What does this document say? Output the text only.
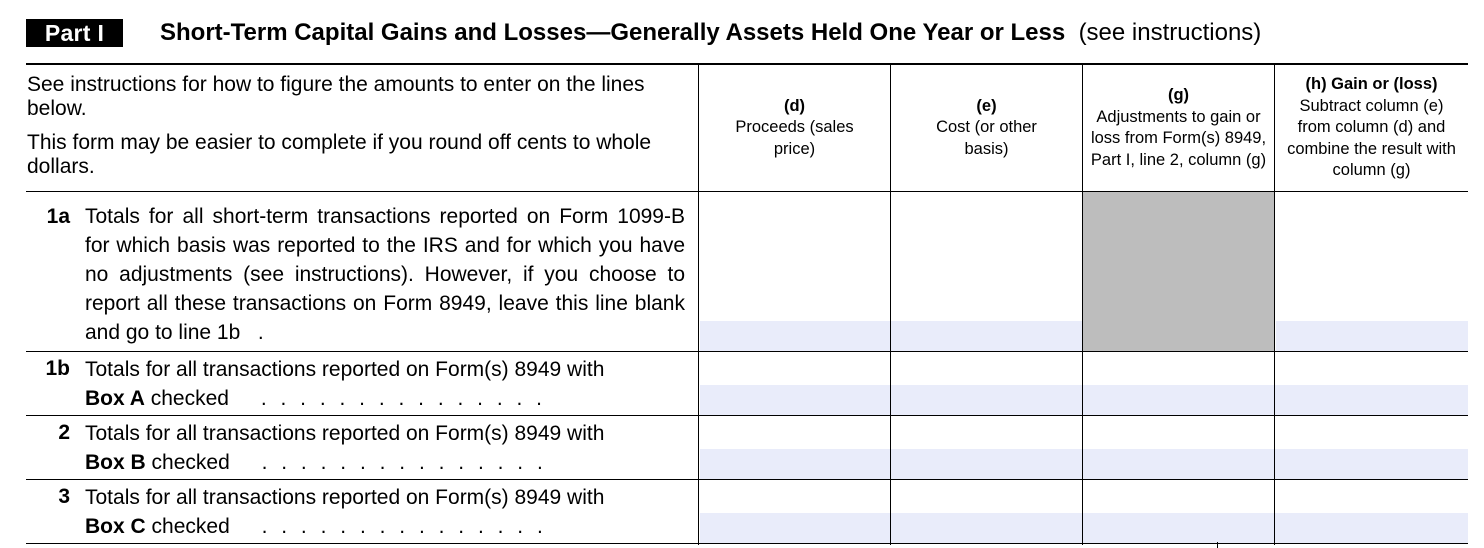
Part I	Short-Term Capital Gains and Losses—Generally Assets Held One Year or Less (see instructions)

See instructions for how to figure the amounts to enter on the lines below.

This form may be easier to complete if you round off cents to whole dollars.

(d)
Proceeds (sales price)
(e)
Cost (or other basis)
(g)
Adjustments to gain or loss from Form(s) 8949, Part I, line 2, column (g)
(h) Gain or (loss)
Subtract column (e) from column (d) and combine the result with column (g)
1a Totals for all short-term transactions reported on Form 1099-B for which basis was reported to the IRS and for which you have no adjustments (see instructions). However, if you choose to report all these transactions on Form 8949, leave this line blank and go to line 1b .
1b Totals for all transactions reported on Form(s) 8949 with
Box A checked . . . . . . . . . . . . . . .
2 Totals for all transactions reported on Form(s) 8949 with
Box B checked . . . . . . . . . . . . . . .
3 Totals for all transactions reported on Form(s) 8949 with
Box C checked . . . . . . . . . . . . . . .
